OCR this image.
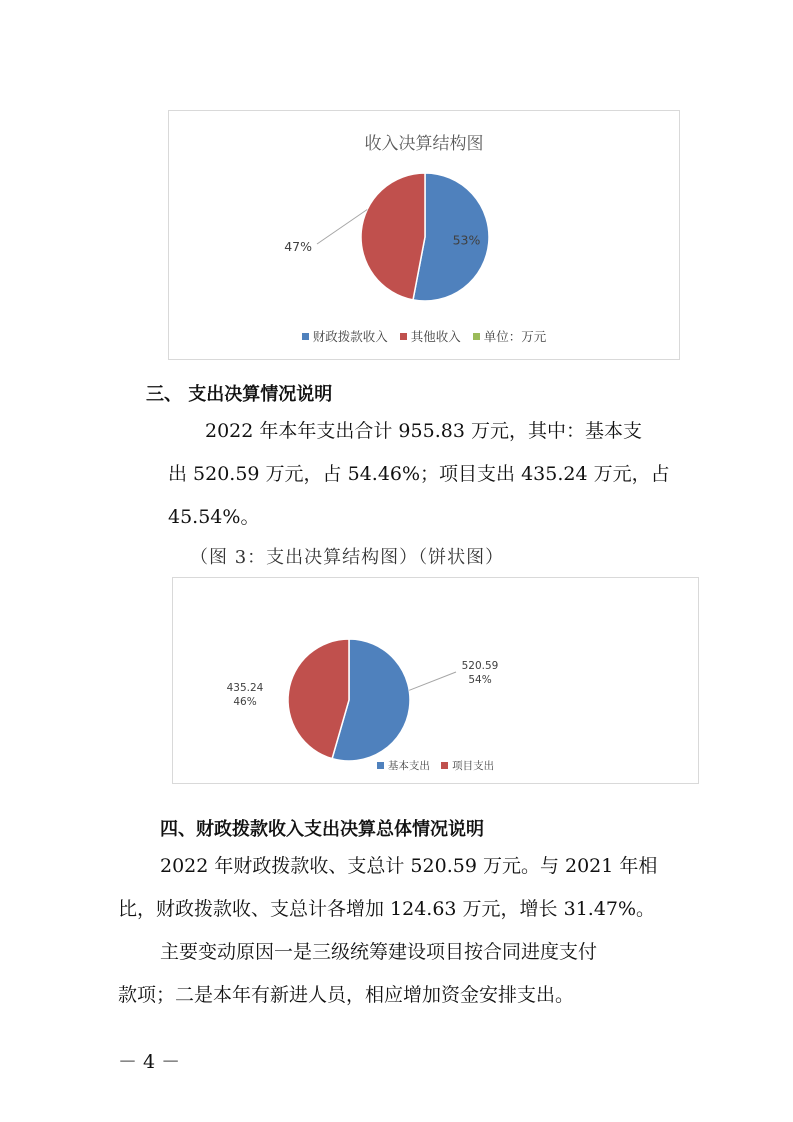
收入决算结构图
53%
47%
财政拨款收入 其他收入 单位：万元
三、 支出决算情况说明
2022 年本年支出合计 955.83 万元，其中：基本支
出 520.59 万元，占 54.46%；项目支出 435.24 万元，占
45.54%。
（图 3：支出决算结构图）（饼状图）
520.59
54%
435.24
46%
基本支出 项目支出
四、财政拨款收入支出决算总体情况说明
2022 年财政拨款收、支总计 520.59 万元。与 2021 年相
比，财政拨款收、支总计各增加 124.63 万元，增长 31.47%。
主要变动原因一是三级统筹建设项目按合同进度支付
款项；二是本年有新进人员，相应增加资金安排支出。
－ 4 －
